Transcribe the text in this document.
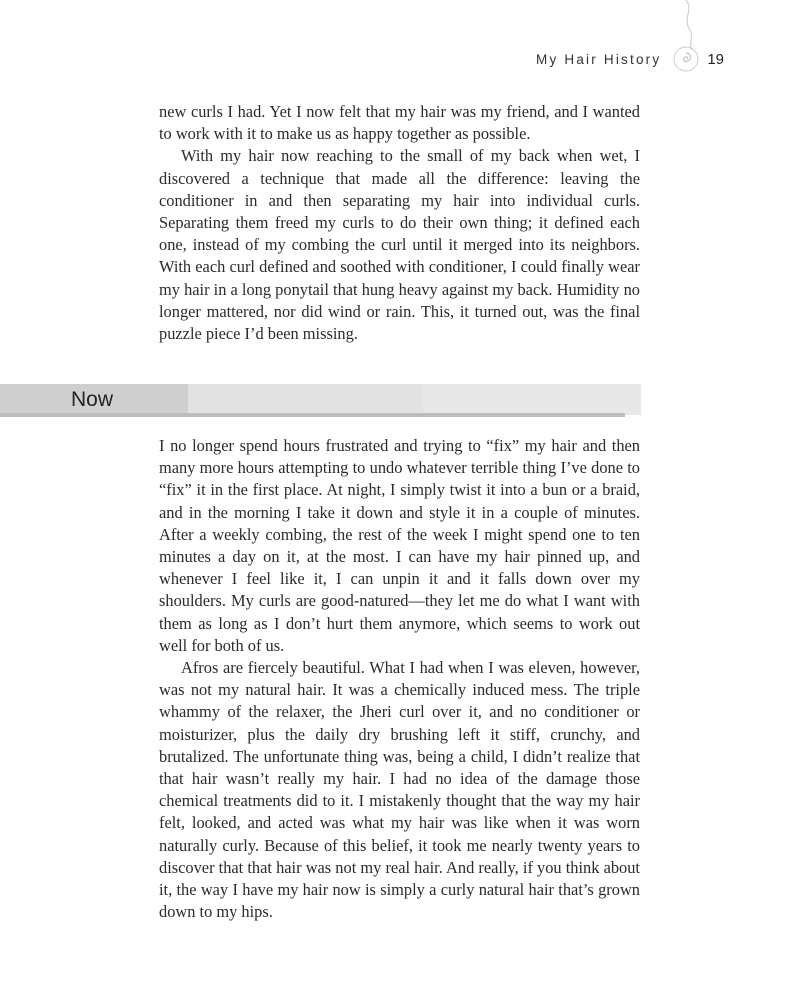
My Hair History	19

new curls I had. Yet I now felt that my hair was my friend, and I wanted to work with it to make us as happy together as possible.

With my hair now reaching to the small of my back when wet, I discovered a technique that made all the difference: leaving the conditioner in and then separating my hair into individual curls. Separating them freed my curls to do their own thing; it defined each one, instead of my combing the curl until it merged into its neighbors. With each curl defined and soothed with conditioner, I could finally wear my hair in a long ponytail that hung heavy against my back. Humidity no longer mattered, nor did wind or rain. This, it turned out, was the final puzzle piece I’d been missing.

Now

I no longer spend hours frustrated and trying to “fix” my hair and then many more hours attempting to undo whatever terrible thing I’ve done to “fix” it in the first place. At night, I simply twist it into a bun or a braid, and in the morning I take it down and style it in a couple of minutes. After a weekly combing, the rest of the week I might spend one to ten minutes a day on it, at the most. I can have my hair pinned up, and whenever I feel like it, I can unpin it and it falls down over my shoulders. My curls are good-natured—they let me do what I want with them as long as I don’t hurt them anymore, which seems to work out well for both of us.

Afros are fiercely beautiful. What I had when I was eleven, however, was not my natural hair. It was a chemically induced mess. The triple whammy of the relaxer, the Jheri curl over it, and no conditioner or moisturizer, plus the daily dry brushing left it stiff, crunchy, and brutalized. The unfortunate thing was, being a child, I didn’t realize that that hair wasn’t really my hair. I had no idea of the damage those chemical treatments did to it. I mistakenly thought that the way my hair felt, looked, and acted was what my hair was like when it was worn naturally curly. Because of this belief, it took me nearly twenty years to discover that that hair was not my real hair. And really, if you think about it, the way I have my hair now is simply a curly natural hair that’s grown down to my hips.
